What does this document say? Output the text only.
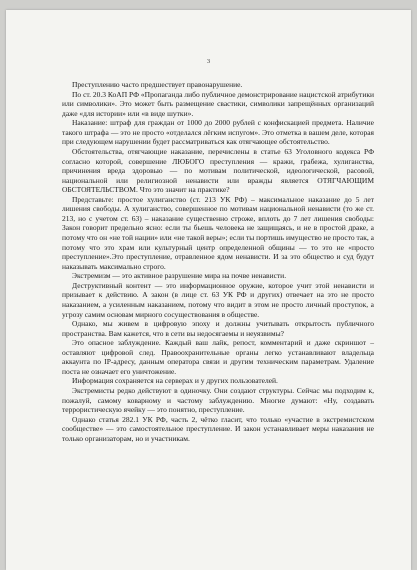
3

Преступлению часто предшествует правонарушение.

По ст. 20.3 КоАП РФ «Пропаганда либо публичное демонстрирование нацистской атрибутики или символики». Это может быть размещение свастики, символики запрещённых организаций даже «для истории» или «в виде шутки».

Наказание: штраф для граждан от 1000 до 2000 рублей с конфискацией предмета. Наличие такого штрафа — это не просто «отделался лёгким испугом». Это отметка в вашем деле, которая при следующем нарушении будет рассматриваться как отягчающее обстоятельство.

Обстоятельства, отягчающие наказание, перечислены в статье 63 Уголовного кодекса РФ согласно которой, совершение ЛЮБОГО преступления — кражи, грабежа, хулиганства, причинения вреда здоровью — по мотивам политической, идеологической, расовой, национальной или религиозной ненависти или вражды является ОТЯГЧАЮЩИМ ОБСТОЯТЕЛЬСТВОМ. Что это значит на практике?

Представьте: простое хулиганство (ст. 213 УК РФ) – максимальное наказание до 5 лет лишения свободы. А хулиганство, совершенное по мотивам национальной ненависти (то же ст. 213, но с учетом ст. 63) – наказание существенно строже, вплоть до 7 лет лишения свободы: Закон говорит предельно ясно: если ты бьешь человека не защищаясь, и не в простой драке, а потому что он «не той нации» или «не такой веры»; если ты портишь имущество не просто так, а потому что это храм или культурный центр определенной общины — то это не «просто преступление».Это преступление, отравленное ядом ненависти. И за это общество и суд будут наказывать максимально строго.

Экстремизм — это активное разрушение мира на почве ненависти.

Деструктивный контент — это информационное оружие, которое учит этой ненависти и призывает к действию. А закон (в лице ст. 63 УК РФ и других) отвечает на это не просто наказанием, а усиленным наказанием, потому что видит в этом не просто личный проступок, а угрозу самим основам мирного сосуществования в обществе.

Однако, мы живем в цифровую эпоху и должны учитывать открытость публичного пространства. Вам кажется, что в сети вы недосягаемы и неуязвимы?

Это опасное заблуждение. Каждый ваш лайк, репост, комментарий и даже скриншот – оставляют цифровой след. Правоохранительные органы легко устанавливают владельца аккаунта по IP-адресу, данным оператора связи и другим техническим параметрам. Удаление поста не означает его уничтожение.

Информация сохраняется на серверах и у других пользователей.

Экстремисты редко действуют в одиночку. Они создают структуры. Сейчас мы подходим к, пожалуй, самому коварному и частому заблуждению. Многие думают: «Ну, создавать террористическую ячейку — это понятно, преступление.

Однако статья 282.1 УК РФ, часть 2, чётко гласит, что только «участие в экстремистском сообществе» — это самостоятельное преступление. И закон устанавливает меры наказания не только организаторам, но и участникам.
